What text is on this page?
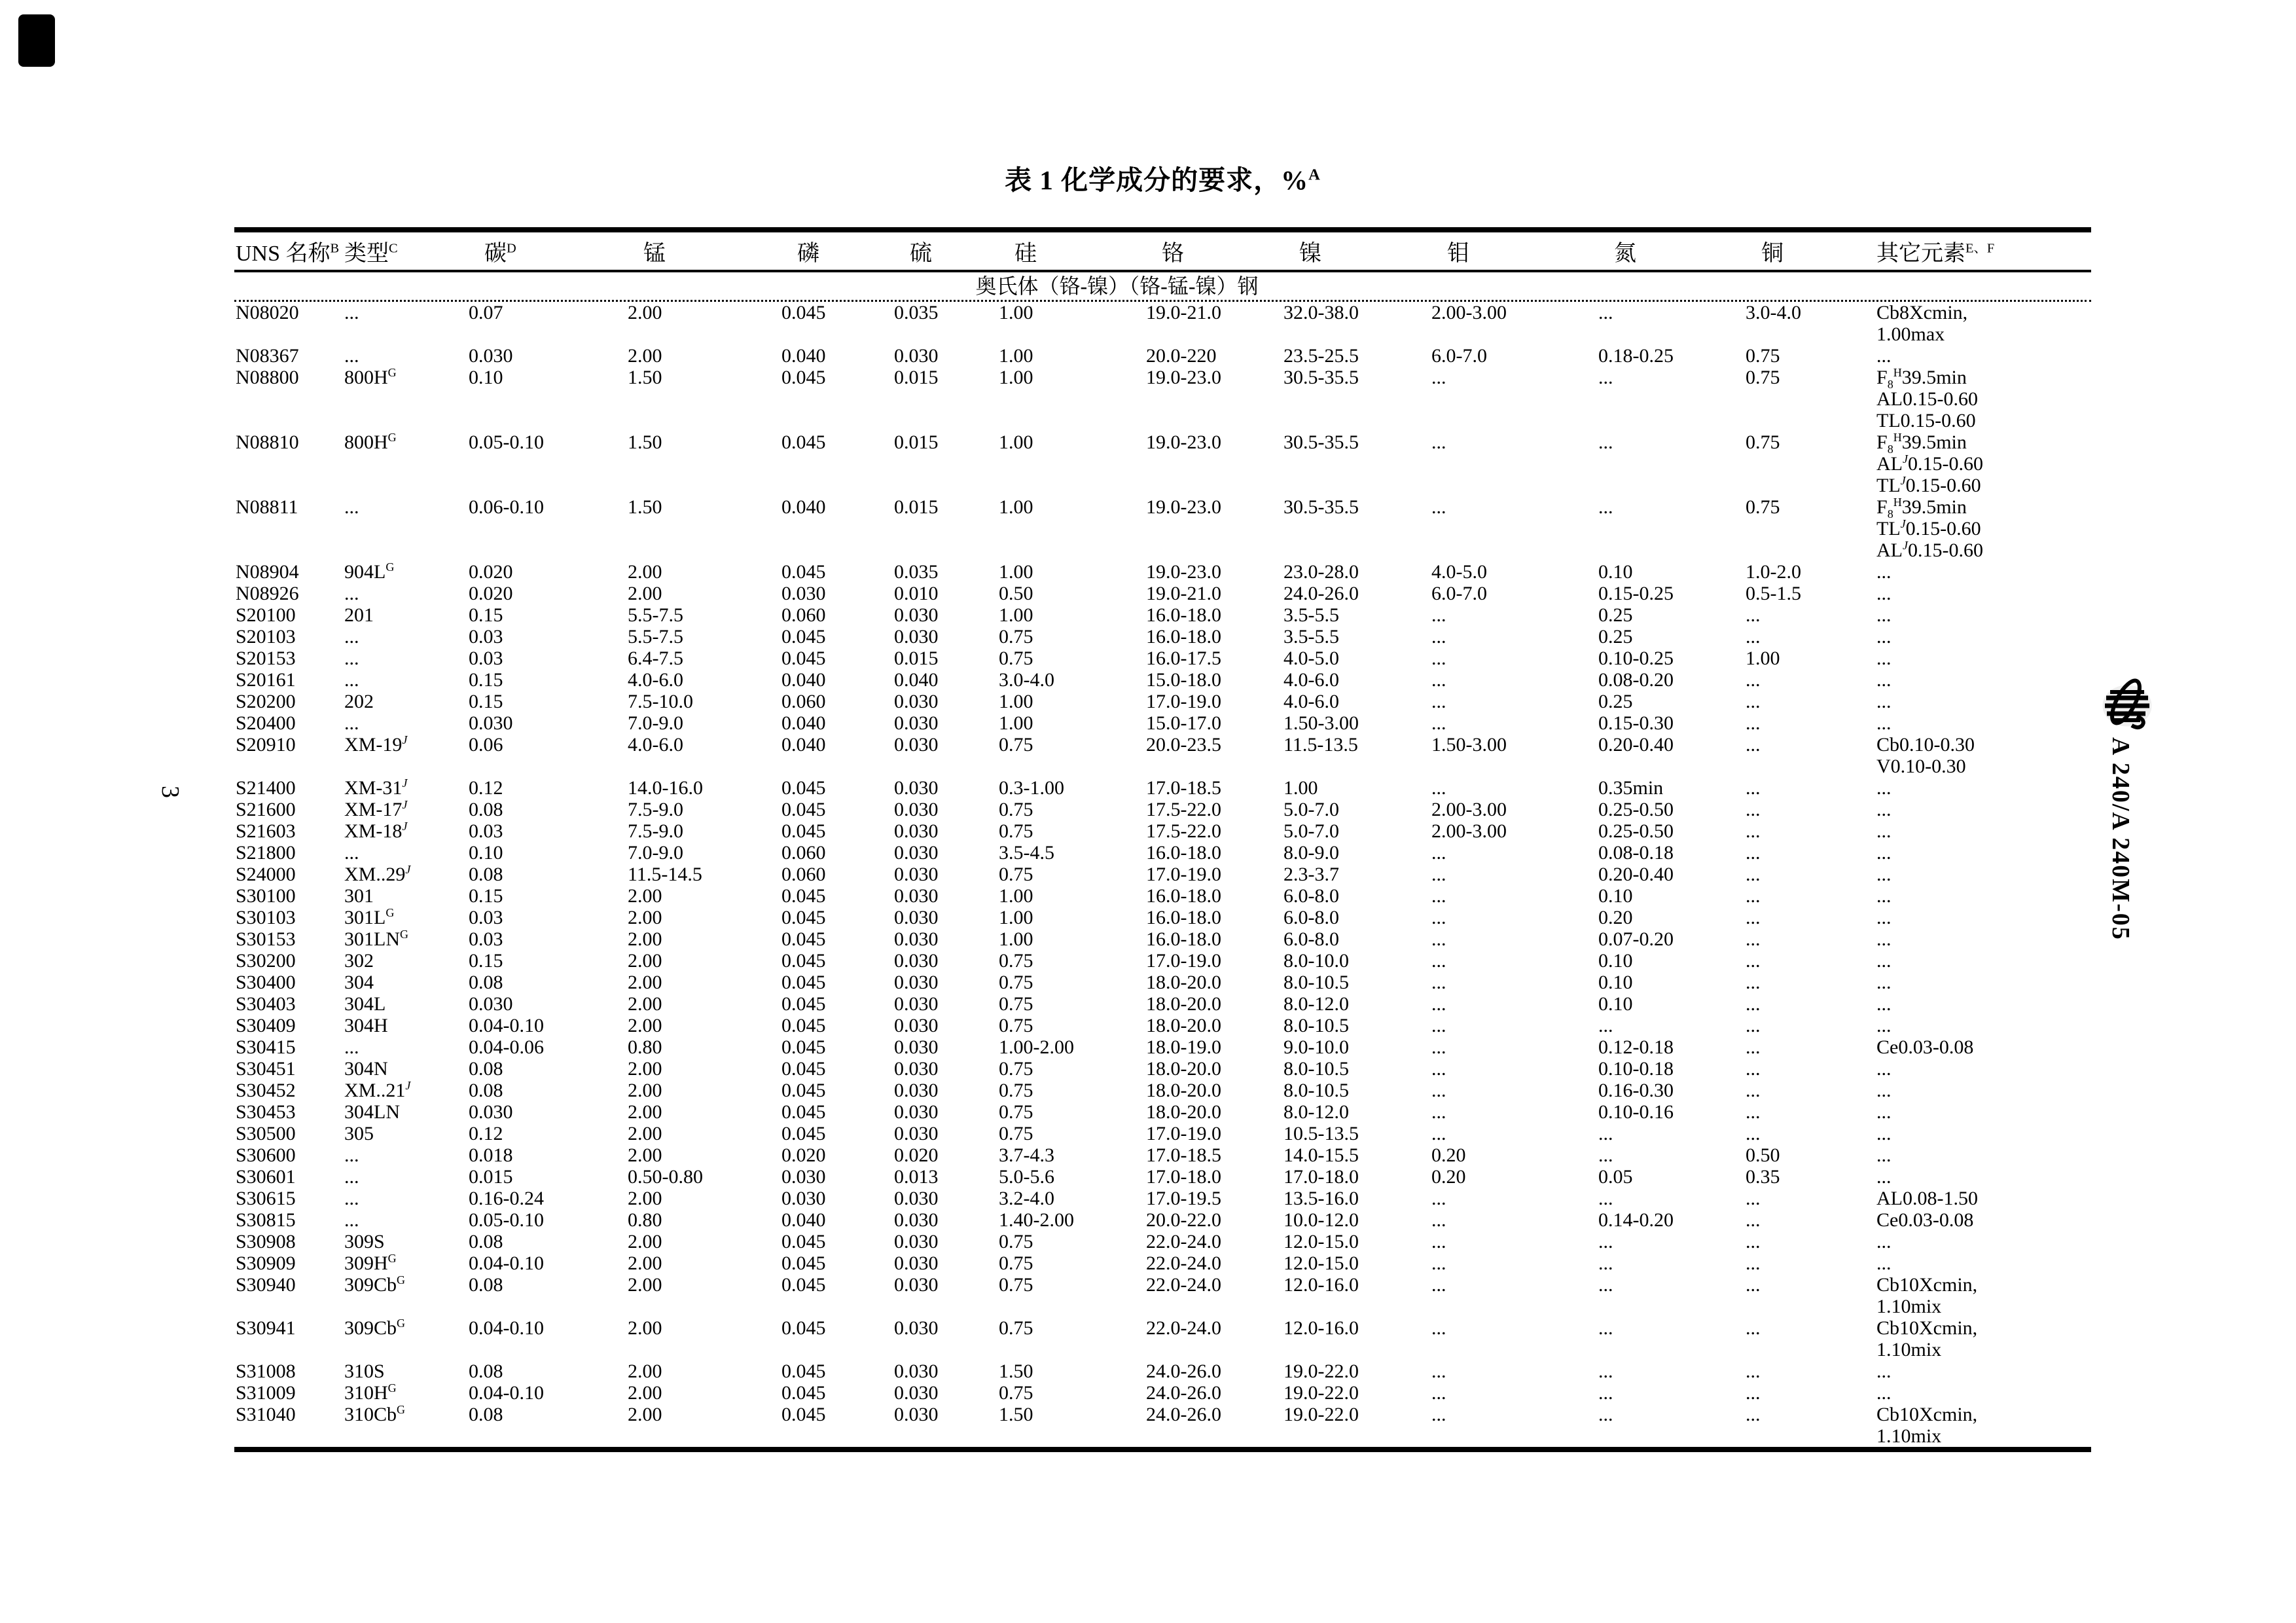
表 1 化学成分的要求，%$^A$
UNS 名称$^B$ 类型$^C$	碳$^D$	锰	磷	硫	硅	铬	镍	钼	氮	铜	其它元素$^{E、F}$
奥氏体（铬-镍）（铬-锰-镍）钢
N08020	...	0.07	2.00	0.045	0.035	1.00	19.0-21.0	32.0-38.0	2.00-3.00	...	3.0-4.0	Cb8Xcmin,
1.00max
N08367	...	0.030	2.00	0.040	0.030	1.00	20.0-220	23.5-25.5	6.0-7.0	0.18-0.25	0.75	...
N08800	$800H^G$	0.10	1.50	0.045	0.015	1.00	19.0-23.0	30.5-35.5	...	...	0.75	$F_8^H39.5\min$
AL0.15-0.60
TL0.15-0.60
N08810	$800H^G$	0.05-0.10	1.50	0.045	0.015	1.00	19.0-23.0	30.5-35.5	...	...	0.75	$F_8^H39.5\min$
$AL^J0.15-0.60$
$TL^J0.15-0.60$
N08811	...	0.06-0.10	1.50	0.040	0.015	1.00	19.0-23.0	30.5-35.5	...	...	0.75	$F_8^H39.5\min$
$TL^J0.15-0.60$
$AL^J0.15-0.60$
N08904	$904L^G$	0.020	2.00	0.045	0.035	1.00	19.0-23.0	23.0-28.0	4.0-5.0	0.10	1.0-2.0	...
N08926	...	0.020	2.00	0.030	0.010	0.50	19.0-21.0	24.0-26.0	6.0-7.0	0.15-0.25	0.5-1.5	...
S20100	201	0.15	5.5-7.5	0.060	0.030	1.00	16.0-18.0	3.5-5.5	...	0.25	...	...
S20103	...	0.03	5.5-7.5	0.045	0.030	0.75	16.0-18.0	3.5-5.5	...	0.25	...	...
S20153	...	0.03	6.4-7.5	0.045	0.015	0.75	16.0-17.5	4.0-5.0	...	0.10-0.25	1.00	...
S20161	...	0.15	4.0-6.0	0.040	0.040	3.0-4.0	15.0-18.0	4.0-6.0	...	0.08-0.20	...	...
S20200	202	0.15	7.5-10.0	0.060	0.030	1.00	17.0-19.0	4.0-6.0	...	0.25	...	...
S20400	...	0.030	7.0-9.0	0.040	0.030	1.00	15.0-17.0	1.50-3.00	...	0.15-0.30	...	...
S20910	$XM-19^J$	0.06	4.0-6.0	0.040	0.030	0.75	20.0-23.5	11.5-13.5	1.50-3.00	0.20-0.40	...	Cb0.10-0.30
V0.10-0.30
S21400	$XM-31^J$	0.12	14.0-16.0	0.045	0.030	0.3-1.00	17.0-18.5	1.00	...	0.35min	...	...
S21600	$XM-17^J$	0.08	7.5-9.0	0.045	0.030	0.75	17.5-22.0	5.0-7.0	2.00-3.00	0.25-0.50	...	...
S21603	$XM-18^J$	0.03	7.5-9.0	0.045	0.030	0.75	17.5-22.0	5.0-7.0	2.00-3.00	0.25-0.50	...	...
S21800	...	0.10	7.0-9.0	0.060	0.030	3.5-4.5	16.0-18.0	8.0-9.0	...	0.08-0.18	...	...
S24000	$XM..29^J$	0.08	11.5-14.5	0.060	0.030	0.75	17.0-19.0	2.3-3.7	...	0.20-0.40	...	...
S30100	301	0.15	2.00	0.045	0.030	1.00	16.0-18.0	6.0-8.0	...	0.10	...	...
S30103	$301L^G$	0.03	2.00	0.045	0.030	1.00	16.0-18.0	6.0-8.0	...	0.20	...	...
S30153	$301LN^G$	0.03	2.00	0.045	0.030	1.00	16.0-18.0	6.0-8.0	...	0.07-0.20	...	...
S30200	302	0.15	2.00	0.045	0.030	0.75	17.0-19.0	8.0-10.0	...	0.10	...	...
S30400	304	0.08	2.00	0.045	0.030	0.75	18.0-20.0	8.0-10.5	...	0.10	...	...
S30403	304L	0.030	2.00	0.045	0.030	0.75	18.0-20.0	8.0-12.0	...	0.10	...	...
S30409	304H	0.04-0.10	2.00	0.045	0.030	0.75	18.0-20.0	8.0-10.5	...	...	...	...
S30415	...	0.04-0.06	0.80	0.045	0.030	1.00-2.00	18.0-19.0	9.0-10.0	...	0.12-0.18	...	Ce0.03-0.08
S30451	304N	0.08	2.00	0.045	0.030	0.75	18.0-20.0	8.0-10.5	...	0.10-0.18	...	...
S30452	$XM..21^J$	0.08	2.00	0.045	0.030	0.75	18.0-20.0	8.0-10.5	...	0.16-0.30	...	...
S30453	304LN	0.030	2.00	0.045	0.030	0.75	18.0-20.0	8.0-12.0	...	0.10-0.16	...	...
S30500	305	0.12	2.00	0.045	0.030	0.75	17.0-19.0	10.5-13.5	...	...	...	...
S30600	...	0.018	2.00	0.020	0.020	3.7-4.3	17.0-18.5	14.0-15.5	0.20	...	0.50	...
S30601	...	0.015	0.50-0.80	0.030	0.013	5.0-5.6	17.0-18.0	17.0-18.0	0.20	0.05	0.35	...
S30615	...	0.16-0.24	2.00	0.030	0.030	3.2-4.0	17.0-19.5	13.5-16.0	...	...	...	AL0.08-1.50
S30815	...	0.05-0.10	0.80	0.040	0.030	1.40-2.00	20.0-22.0	10.0-12.0	...	0.14-0.20	...	Ce0.03-0.08
S30908	309S	0.08	2.00	0.045	0.030	0.75	22.0-24.0	12.0-15.0	...	...	...	...
S30909	$309H^G$	0.04-0.10	2.00	0.045	0.030	0.75	22.0-24.0	12.0-15.0	...	...	...	...
S30940	$309Cb^G$	0.08	2.00	0.045	0.030	0.75	22.0-24.0	12.0-16.0	...	...	...	Cb10Xcmin,
1.10mix
S30941	$309Cb^G$	0.04-0.10	2.00	0.045	0.030	0.75	22.0-24.0	12.0-16.0	...	...	...	Cb10Xcmin,
1.10mix
S31008	310S	0.08	2.00	0.045	0.030	1.50	24.0-26.0	19.0-22.0	...	...	...	...
S31009	$310H^G$	0.04-0.10	2.00	0.045	0.030	0.75	24.0-26.0	19.0-22.0	...	...	...	...
S31040	$310Cb^G$	0.08	2.00	0.045	0.030	1.50	24.0-26.0	19.0-22.0	...	...	...	Cb10Xcmin,
1.10mix
3	A 240/A 240M-05
